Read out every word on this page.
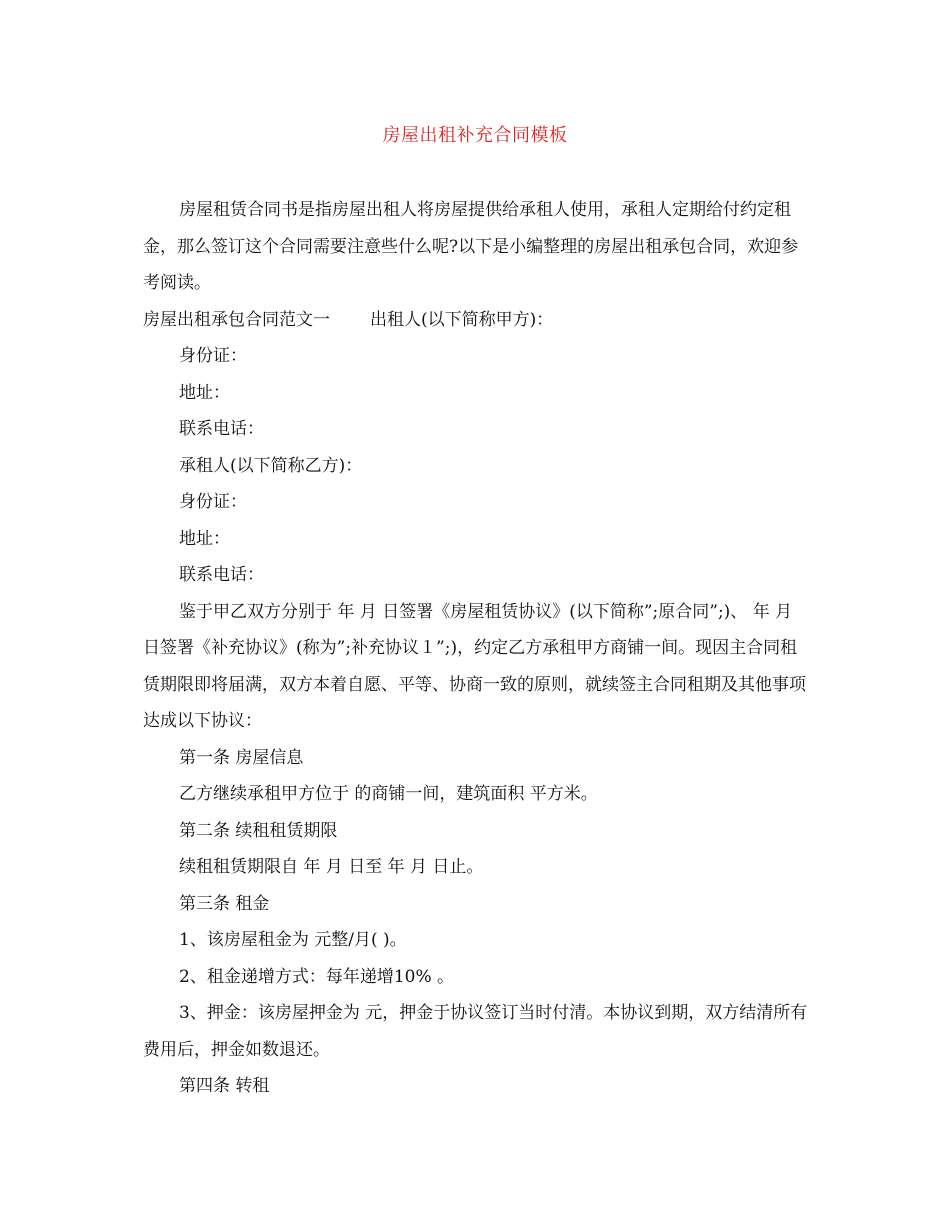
房屋出租补充合同模板

房屋租赁合同书是指房屋出租人将房屋提供给承租人使用，承租人定期给付约定租金，那么签订这个合同需要注意些什么呢?以下是小编整理的房屋出租承包合同，欢迎参考阅读。

房屋出租承包合同范文一 出租人(以下简称甲方)：

身份证：

地址：

联系电话：

承租人(以下简称乙方)：

身份证：

地址：

联系电话：

鉴于甲乙双方分别于 年 月 日签署《房屋租赁协议》(以下简称”;原合同”;)、 年 月 日签署《补充协议》(称为”;补充协议１”;)，约定乙方承租甲方商铺一间。现因主合同租赁期限即将届满，双方本着自愿、平等、协商一致的原则，就续签主合同租期及其他事项达成以下协议：

第一条 房屋信息

乙方继续承租甲方位于 的商铺一间，建筑面积 平方米。

第二条 续租租赁期限

续租租赁期限自 年 月 日至 年 月 日止。

第三条 租金

1、该房屋租金为 元整/月( )。

2、租金递增方式：每年递增10% 。

3、押金：该房屋押金为 元，押金于协议签订当时付清。本协议到期，双方结清所有费用后，押金如数退还。

第四条 转租
